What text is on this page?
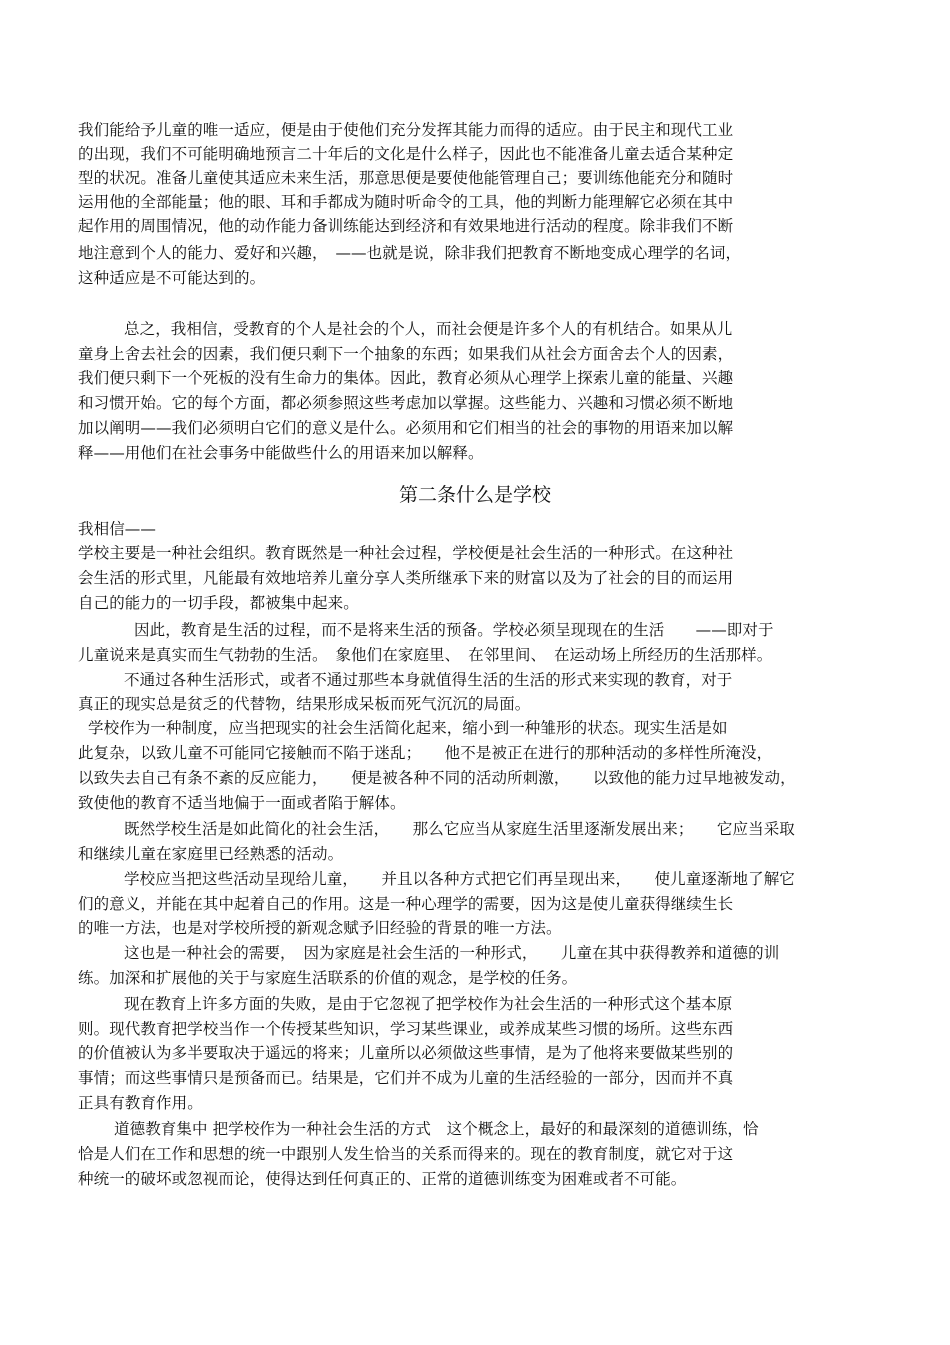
我们能给予儿童的唯一适应，便是由于使他们充分发挥其能力而得的适应。由于民主和现代工业
的出现，我们不可能明确地预言二十年后的文化是什么样子，因此也不能准备儿童去适合某种定
型的状况。准备儿童使其适应未来生活，那意思便是要使他能管理自己；要训练他能充分和随时
运用他的全部能量；他的眼、耳和手都成为随时听命令的工具，他的判断力能理解它必须在其中
起作用的周围情况，他的动作能力备训练能达到经济和有效果地进行活动的程度。除非我们不断
地注意到个人的能力、爱好和兴趣，　——也就是说，除非我们把教育不断地变成心理学的名词，
这种适应是不可能达到的。
总之，我相信，受教育的个人是社会的个人，而社会便是许多个人的有机结合。如果从儿
童身上舍去社会的因素，我们便只剩下一个抽象的东西；如果我们从社会方面舍去个人的因素，
我们便只剩下一个死板的没有生命力的集体。因此，教育必须从心理学上探索儿童的能量、兴趣
和习惯开始。它的每个方面，都必须参照这些考虑加以掌握。这些能力、兴趣和习惯必须不断地
加以阐明——我们必须明白它们的意义是什么。必须用和它们相当的社会的事物的用语来加以解
释——用他们在社会事务中能做些什么的用语来加以解释。
第二条什么是学校
我相信——
学校主要是一种社会组织。教育既然是一种社会过程，学校便是社会生活的一种形式。在这种社
会生活的形式里，凡能最有效地培养儿童分享人类所继承下来的财富以及为了社会的目的而运用
自己的能力的一切手段，都被集中起来。
因此，教育是生活的过程，而不是将来生活的预备。学校必须呈现现在的生活　　——即对于
儿童说来是真实而生气勃勃的生活。　象他们在家庭里、　在邻里间、　在运动场上所经历的生活那样。
不通过各种生活形式，或者不通过那些本身就值得生活的生活的形式来实现的教育，对于
真正的现实总是贫乏的代替物，结果形成呆板而死气沉沉的局面。
学校作为一种制度，应当把现实的社会生活简化起来，缩小到一种雏形的状态。现实生活是如
此复杂，以致儿童不可能同它接触而不陷于迷乱；　　他不是被正在进行的那种活动的多样性所淹没，
以致失去自己有条不紊的反应能力，　　便是被各种不同的活动所刺激，　　以致他的能力过早地被发动，
致使他的教育不适当地偏于一面或者陷于解体。
既然学校生活是如此简化的社会生活，　　那么它应当从家庭生活里逐渐发展出来；　　它应当采取
和继续儿童在家庭里已经熟悉的活动。
学校应当把这些活动呈现给儿童，　　并且以各种方式把它们再呈现出来，　　使儿童逐渐地了解它
们的意义，并能在其中起着自己的作用。这是一种心理学的需要，因为这是使儿童获得继续生长
的唯一方法，也是对学校所授的新观念赋予旧经验的背景的唯一方法。
这也是一种社会的需要，　因为家庭是社会生活的一种形式，　　儿童在其中获得教养和道德的训
练。加深和扩展他的关于与家庭生活联系的价值的观念，是学校的任务。
现在教育上许多方面的失败，是由于它忽视了把学校作为社会生活的一种形式这个基本原
则。现代教育把学校当作一个传授某些知识，学习某些课业，或养成某些习惯的场所。这些东西
的价值被认为多半要取决于遥远的将来；儿童所以必须做这些事情，是为了他将来要做某些别的
事情；而这些事情只是预备而已。结果是，它们并不成为儿童的生活经验的一部分，因而并不真
正具有教育作用。
道德教育集中 把学校作为一种社会生活的方式　这个概念上，最好的和最深刻的道德训练，恰
恰是人们在工作和思想的统一中跟别人发生恰当的关系而得来的。现在的教育制度，就它对于这
种统一的破坏或忽视而论，使得达到任何真正的、正常的道德训练变为困难或者不可能。
